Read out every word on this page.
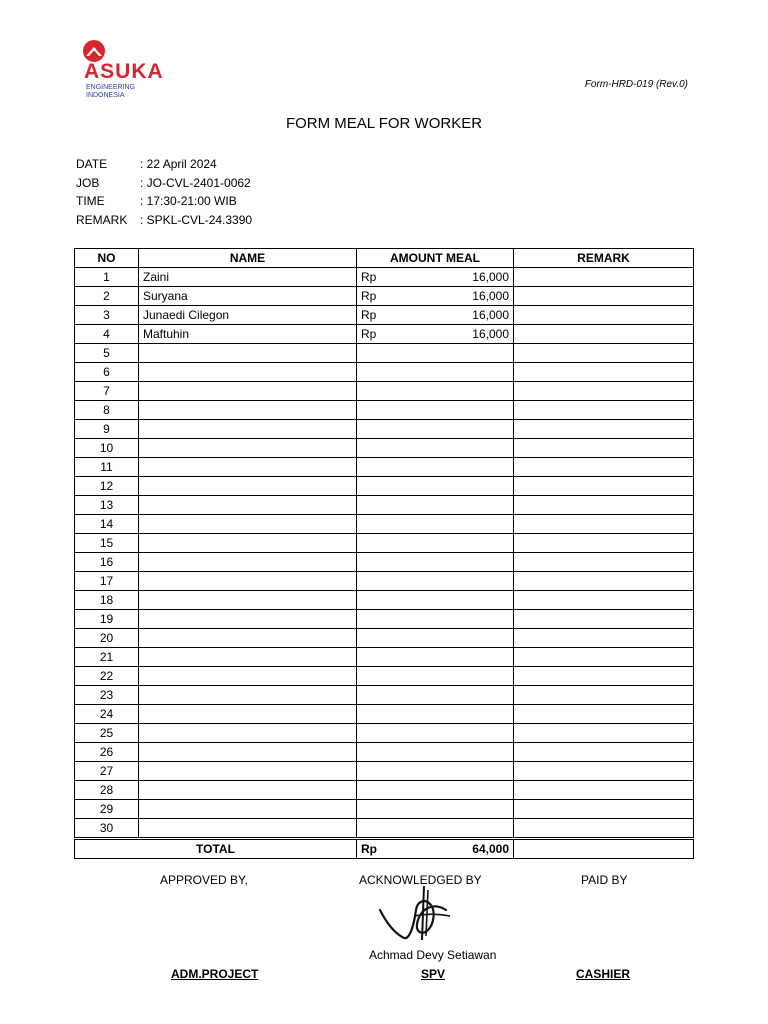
ASUKA
ENGINEERING
INDONESIA
Form-HRD-019 (Rev.0)
FORM MEAL FOR WORKER
DATE	: 22 April 2024
JOB	: JO-CVL-2401-0062
TIME	: 17:30-21:00 WIB
REMARK : SPKL-CVL-24.3390
NO	NAME	AMOUNT MEAL	REMARK
1	Zaini	Rp 16,000	

2	Suryana	Rp 16,000	

3	Junaedi Cilegon	Rp 16,000	

4	Maftuhin	Rp 16,000	

5		

6		

7		

8		

9		

10		

11		

12		

13		

14		

15		

16		

17		

18		

19		

20		

21		

22		

23		

24		

25		

26		

27		

28		

29		

30		

TOTAL		Rp 64,000	

APPROVED BY,	ACKNOWLEDGED BY	PAID BY
Achmad Devy Setiawan
ADM.PROJECT	SPV	CASHIER
